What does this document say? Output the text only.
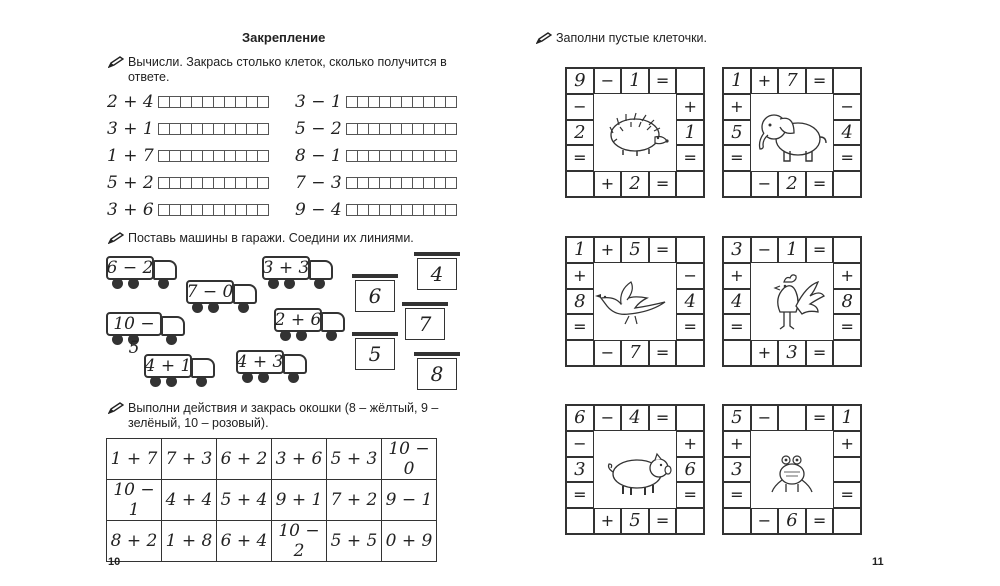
Закрепление
Вычисли. Закрась столько клеток, сколько получится в ответе.
2 + 4
3 + 1
1 + 7
5 + 2
3 + 6
3 − 1
5 − 2
8 − 1
7 − 3
9 − 4
Поставь машины в гаражи. Соедини их линиями.
6 − 2	3 + 3
7 − 0
10 − 5
2 + 6
4 + 1	4 + 3
4
6
7
5
8
Выполни действия и закрась окошки (8 – жёлтый, 9 – зелёный, 10 – розовый).
1 + 7	7 + 3	6 + 2	3 + 6	5 + 3	10 − 0
10 − 1	4 + 4	5 + 4	9 + 1	7 + 2	9 − 1
8 + 2	1 + 8	6 + 4	10 − 2	5 + 5	0 + 9
10
Заполни пустые клеточки.
9 − 1 =
−
2
=
+
1
=
+ 2 =
1 + 7 =
+
5
=
−
4
=
− 2 =
1 + 5 =
+
8
=
−
4
=
− 7 =
3 − 1 =
+
4
=
+
8
=
+ 3 =
6 − 4 =
−
3
=
+
6
=
+ 5 =
5 −	= 1
+
3
=
+
=
− 6 =
11
